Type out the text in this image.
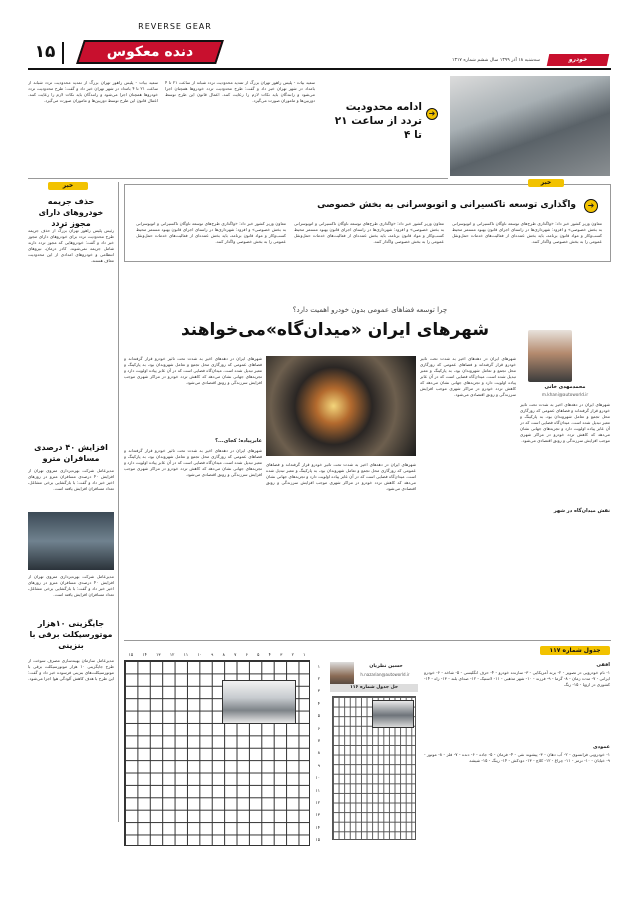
REVERSE GEAR
دنده معکوس
۱۵	سه‌شنبه ۱۸ آذر ۱۳۹۹ سال ششم شماره ۱۳۱۷	خودرو
➜
ادامه محدودیت تردد از ساعت ۲۱ تا ۴
سعید بیات - پلیس راهور تهران بزرگ از تمدید محدودیت تردد شبانه از ساعت ۲۱ تا ۴ بامداد در شهر تهران خبر داد و گفت: طرح محدودیت تردد خودروها همچنان اجرا می‌شود و رانندگان باید نکات لازم را رعایت کنند. اعمال قانون این طرح توسط دوربین‌ها و ماموران صورت می‌گیرد.
سعید بیات - پلیس راهور تهران بزرگ از تمدید محدودیت تردد شبانه از ساعت ۲۱ تا ۴ بامداد در شهر تهران خبر داد و گفت: طرح محدودیت تردد خودروها همچنان اجرا می‌شود و رانندگان باید نکات لازم را رعایت کنند. اعمال قانون این طرح توسط دوربین‌ها و ماموران صورت می‌گیرد.
خبر
حذف جریمه خودروهای دارای مجوز تردد
رئیس پلیس راهور تهران بزرگ از حذف جریمه طرح محدودیت تردد برای خودروهای دارای مجوز خبر داد و گفت: خودروهایی که مجوز تردد دارند شامل جریمه نمی‌شوند. کادر درمان، نیروهای انتظامی و خودروهای امدادی از این محدودیت معاف هستند.
افزایش ۴۰ درصدی مسافران مترو
مدیرعامل شرکت بهره‌برداری متروی تهران از افزایش ۴۰ درصدی مسافران مترو در روزهای اخیر خبر داد و گفت: با بازگشایی برخی مشاغل، تعداد مسافران افزایش یافته است.
مدیرعامل شرکت بهره‌برداری متروی تهران از افزایش ۴۰ درصدی مسافران مترو در روزهای اخیر خبر داد و گفت: با بازگشایی برخی مشاغل، تعداد مسافران افزایش یافته است.
جایگزینی ۱۰هزار موتورسیکلت برقی با بنزینی
مدیرعامل سازمان بهینه‌سازی مصرف سوخت از طرح جایگزینی ۱۰ هزار موتورسیکلت برقی با موتورسیکلت‌های بنزینی فرسوده خبر داد و گفت: این طرح با هدف کاهش آلودگی هوا اجرا می‌شود.
خبر
➜
واگذاری توسعه تاکسیرانی و اتوبوسرانی به بخش خصوصی
معاون وزیر کشور خبر داد: «واگذاری طرح‌های توسعه ناوگان تاکسیرانی و اتوبوسرانی به بخش خصوصی» و افزود: شهرداری‌ها در راستای اجرای قانون بهبود مستمر محیط کسب‌وکار و مواد قانون برنامه، باید بخش عمده‌ای از فعالیت‌های خدمات حمل‌ونقل عمومی را به بخش خصوصی واگذار کنند.
معاون وزیر کشور خبر داد: «واگذاری طرح‌های توسعه ناوگان تاکسیرانی و اتوبوسرانی به بخش خصوصی» و افزود: شهرداری‌ها در راستای اجرای قانون بهبود مستمر محیط کسب‌وکار و مواد قانون برنامه، باید بخش عمده‌ای از فعالیت‌های خدمات حمل‌ونقل عمومی را به بخش خصوصی واگذار کنند.
معاون وزیر کشور خبر داد: «واگذاری طرح‌های توسعه ناوگان تاکسیرانی و اتوبوسرانی به بخش خصوصی» و افزود: شهرداری‌ها در راستای اجرای قانون بهبود مستمر محیط کسب‌وکار و مواد قانون برنامه، باید بخش عمده‌ای از فعالیت‌های خدمات حمل‌ونقل عمومی را به بخش خصوصی واگذار کنند.
چرا توسعه فضاهای عمومی بدون خودرو اهمیت دارد؟
شهرهای ایران «میدان‌گاه»می‌خواهند
محمدمهدی خانی
m.khani@autoworld.ir
شهرهای ایران در دهه‌های اخیر به شدت تحت تاثیر خودرو قرار گرفته‌اند و فضاهای عمومی که روزگاری محل تجمع و تعامل شهروندان بود، به پارکینگ و معبر تبدیل شده است. میدان‌گاه فضایی است که در آن عابر پیاده اولویت دارد و تجربه‌های جهانی نشان می‌دهد که کاهش تردد خودرو در مراکز شهری موجب افزایش سرزندگی و رونق اقتصادی می‌شود.
نقش میدان‌گاه در شهر
شهرهای ایران در دهه‌های اخیر به شدت تحت تاثیر خودرو قرار گرفته‌اند و فضاهای عمومی که روزگاری محل تجمع و تعامل شهروندان بود، به پارکینگ و معبر تبدیل شده است. میدان‌گاه فضایی است که در آن عابر پیاده اولویت دارد و تجربه‌های جهانی نشان می‌دهد که کاهش تردد خودرو در مراکز شهری موجب افزایش سرزندگی و رونق اقتصادی می‌شود.
شهرهای ایران در دهه‌های اخیر به شدت تحت تاثیر خودرو قرار گرفته‌اند و فضاهای عمومی که روزگاری محل تجمع و تعامل شهروندان بود، به پارکینگ و معبر تبدیل شده است. میدان‌گاه فضایی است که در آن عابر پیاده اولویت دارد و تجربه‌های جهانی نشان می‌دهد که کاهش تردد خودرو در مراکز شهری موجب افزایش سرزندگی و رونق اقتصادی می‌شود.
شهرهای ایران در دهه‌های اخیر به شدت تحت تاثیر خودرو قرار گرفته‌اند و فضاهای عمومی که روزگاری محل تجمع و تعامل شهروندان بود، به پارکینگ و معبر تبدیل شده است. میدان‌گاه فضایی است که در آن عابر پیاده اولویت دارد و تجربه‌های جهانی نشان می‌دهد که کاهش تردد خودرو در مراکز شهری موجب افزایش سرزندگی و رونق اقتصادی می‌شود.
عابرپیاده؛ کجای...؟
شهرهای ایران در دهه‌های اخیر به شدت تحت تاثیر خودرو قرار گرفته‌اند و فضاهای عمومی که روزگاری محل تجمع و تعامل شهروندان بود، به پارکینگ و معبر تبدیل شده است. میدان‌گاه فضایی است که در آن عابر پیاده اولویت دارد و تجربه‌های جهانی نشان می‌دهد که کاهش تردد خودرو در مراکز شهری موجب افزایش سرزندگی و رونق اقتصادی می‌شود.
جدول شماره ۱۱۷
۱۵ ۱۴ ۱۳ ۱۲ ۱۱ ۱۰ ۹ ۸ ۷ ۶ ۵ ۴ ۳ ۲ ۱
۱
۲
۳
۴
۵
۶
۷
۸
۹
۱۰
۱۱
۱۲
۱۳
۱۴
۱۵
حسین نظریان
h.nazarian@autoworld.ir
حل جدول شماره ۱۱۶
افقی
۱- نام خودرویی در تصویر - ۲- برند آمریکایی - ۳- سازنده خودرو - ۴- حرف انگلیسی - ۵- شاخه - ۶- خودرو ایرانی - ۷- مدت زمان - ۸- گرما - ۹- فرزند - ۱۰- شهر مذهبی - ۱۱- لاستیک - ۱۲- صدای بلند - ۱۳- راه - ۱۴- کشوری در اروپا - ۱۵- رنگ
عمودی
۱- خودرویی فرانسوی - ۲- آب دهان - ۳- پیشوند نفی - ۴- فرمان - ۵- جاده - ۶- دنده - ۷- فلز - ۸- موتور - ۹- خیابان - ۱۰- ترمز - ۱۱- چراغ - ۱۲- کلاچ - ۱۳- دودکش - ۱۴- رینگ - ۱۵- شیشه
